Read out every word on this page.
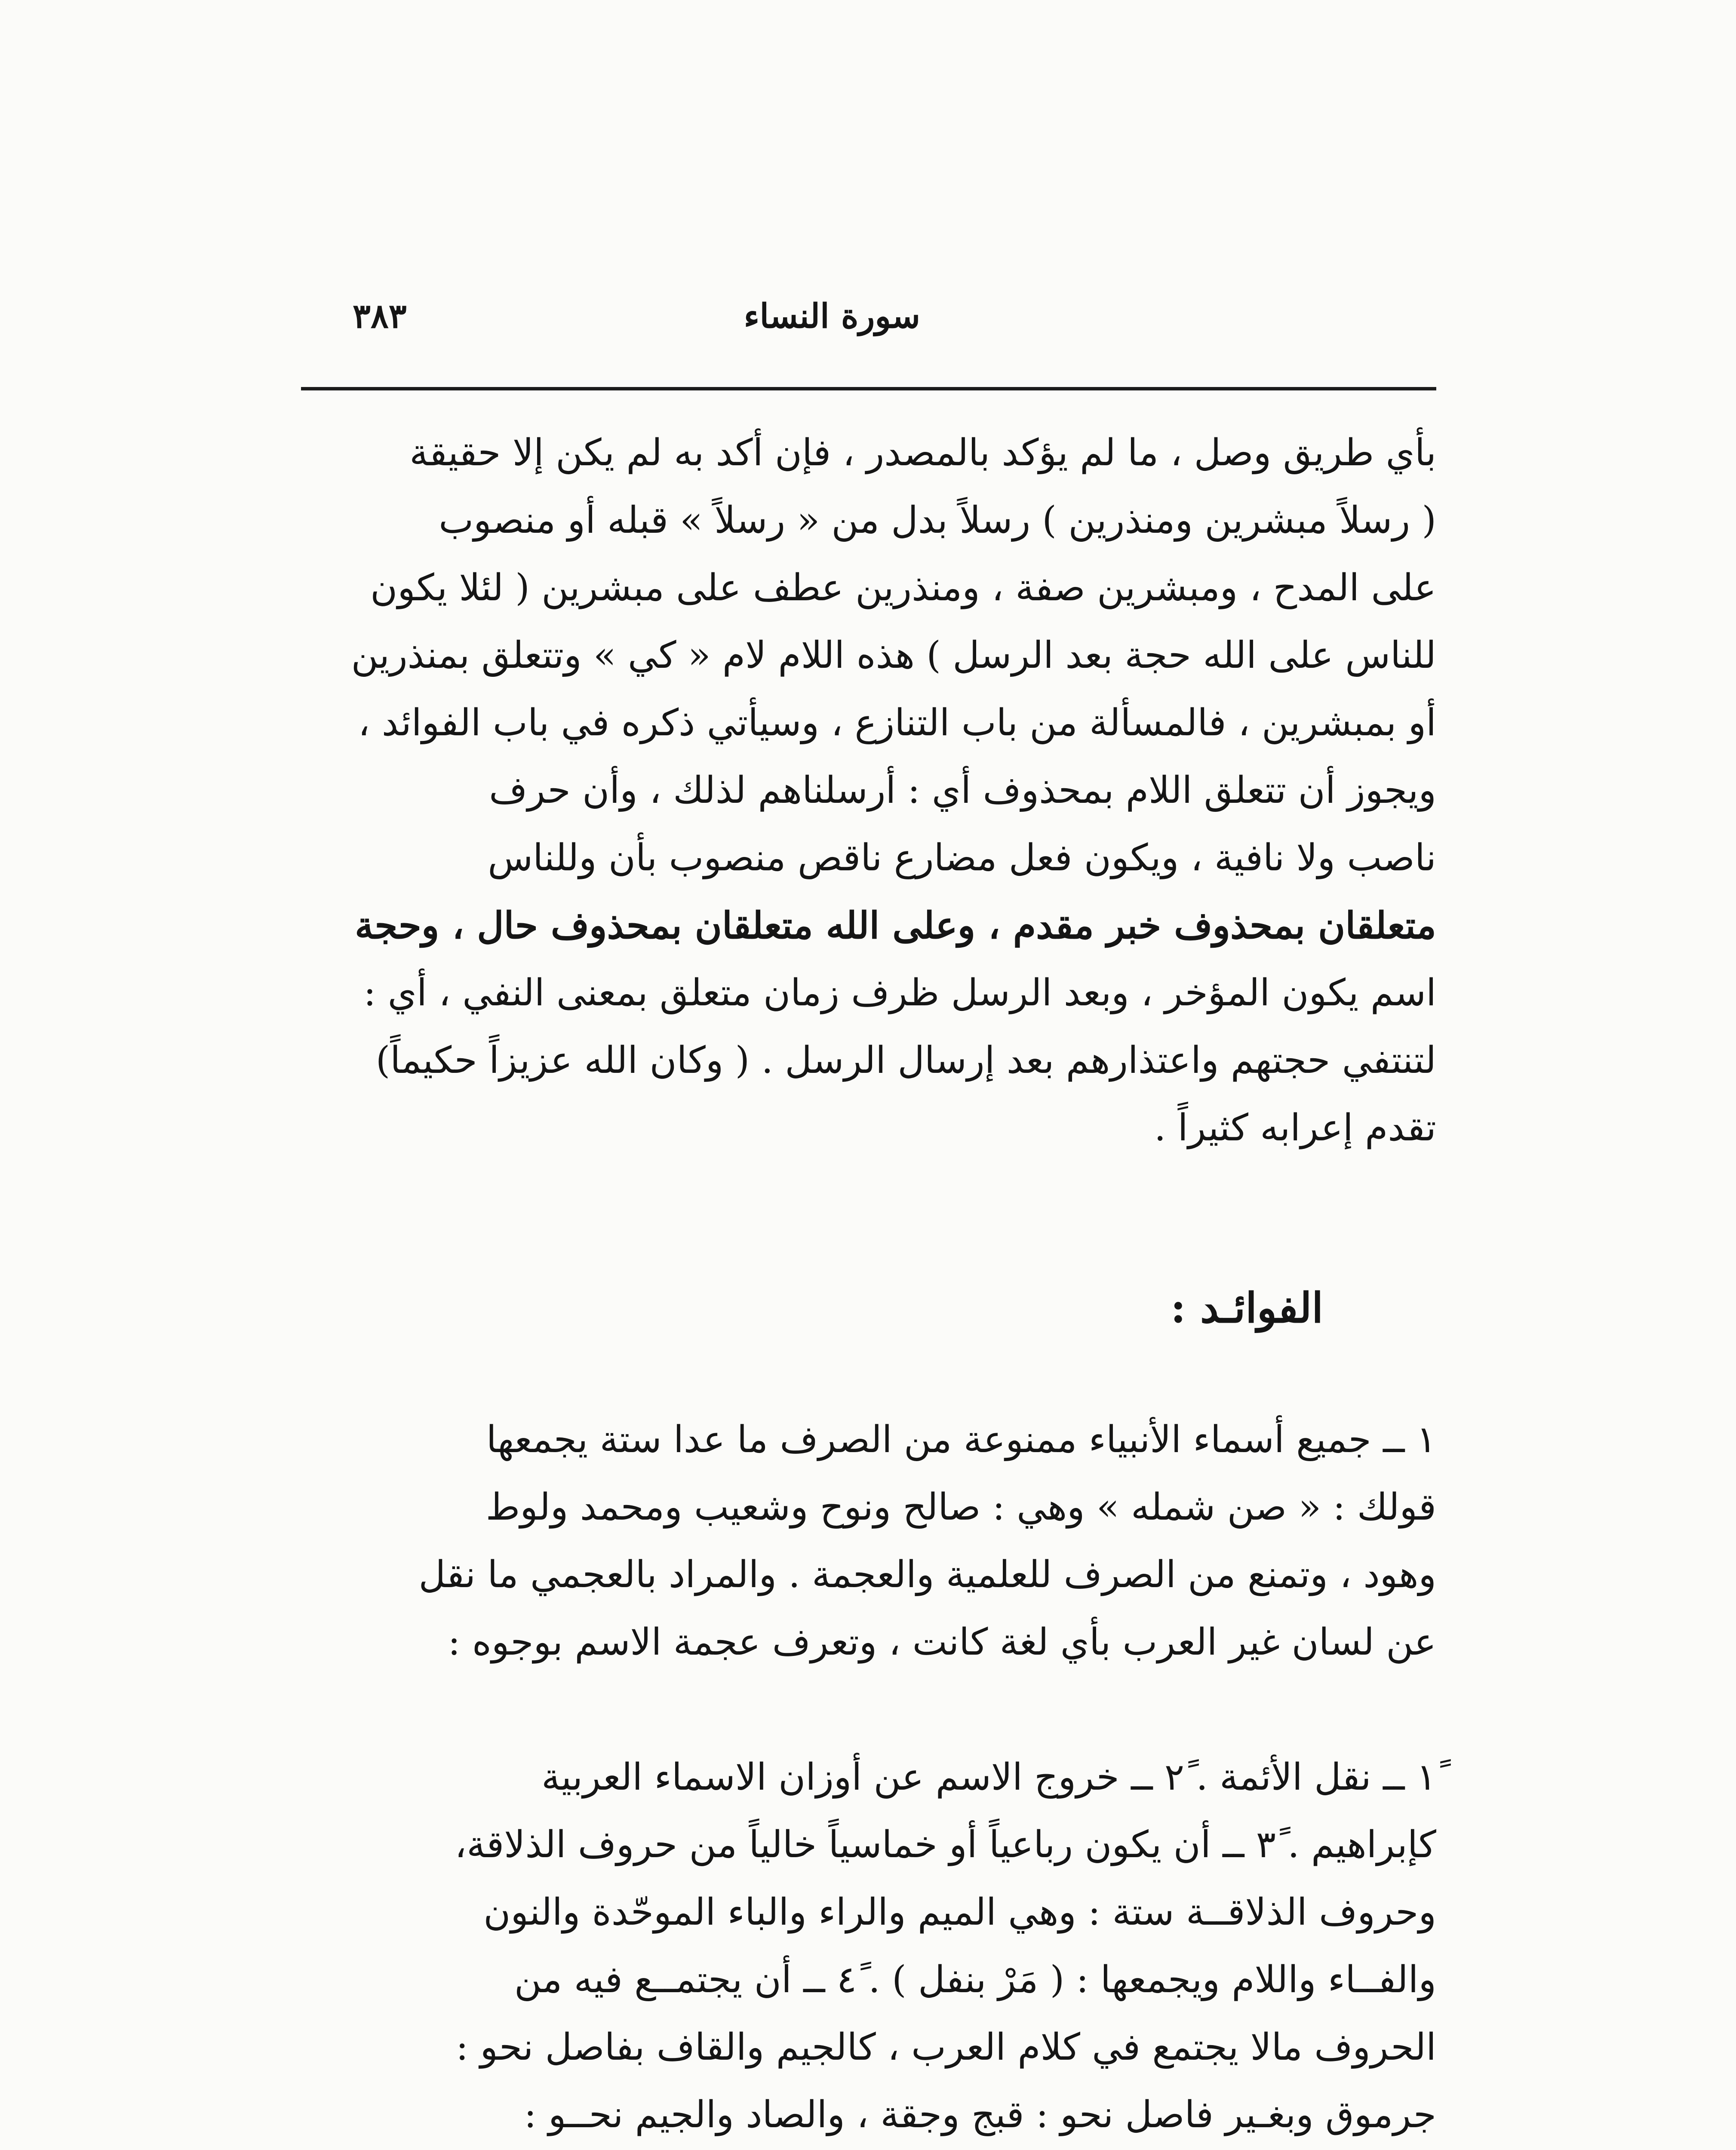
سورة النساء
٣٨٣

بأي طريق وصل ، ما لم يؤكد بالمصدر ، فإن أكد به لم يكن إلا حقيقة

( رسلاً مبشرين ومنذرين ) رسلاً بدل من « رسلاً » قبله أو منصوب

على المدح ، ومبشرين صفة ، ومنذرين عطف على مبشرين ( لئلا يكون

للناس على الله حجة بعد الرسل ) هذه اللام لام « كي » وتتعلق بمنذرين

أو بمبشرين ، فالمسألة من باب التنازع ، وسيأتي ذكره في باب الفوائد ،

ويجوز أن تتعلق اللام بمحذوف أي : أرسلناهم لذلك ، وأن حرف

ناصب ولا نافية ، ويكون فعل مضارع ناقص منصوب بأن وللناس

متعلقان بمحذوف خبر مقدم ، وعلى الله متعلقان بمحذوف حال ، وحجة

اسم يكون المؤخر ، وبعد الرسل ظرف زمان متعلق بمعنى النفي ، أي :

لتنتفي حجتهم واعتذارهم بعد إرسال الرسل . ( وكان الله عزيزاً حكيماً)

تقدم إعرابه كثيراً .

الفوائـد :

١ ــ جميع أسماء الأنبياء ممنوعة من الصرف ما عدا ستة يجمعها

قولك : « صن شمله » وهي : صالح ونوح وشعيب ومحمد ولوط

وهود ، وتمنع من الصرف للعلمية والعجمة . والمراد بالعجمي ما نقل

عن لسان غير العرب بأي لغة كانت ، وتعرف عجمة الاسم بوجوه :

١ً ــ نقل الأئمة . ٢ً ــ خروج الاسم عن أوزان الاسماء العربية

كإبراهيم . ٣ً ــ أن يكون رباعياً أو خماسياً خالياً من حروف الذلاقة،

وحروف الذلاقــة ستة : وهي الميم والراء والباء الموحّدة والنون

والفــاء واللام ويجمعها : ( مَرْ بنفل ) . ٤ً ــ أن يجتمــع فيه من

الحروف مالا يجتمع في كلام العرب ، كالجيم والقاف بفاصل نحو :

جرموق وبغـير فاصل نحو : قبج وجقة ، والصاد والجيم نحــو :
